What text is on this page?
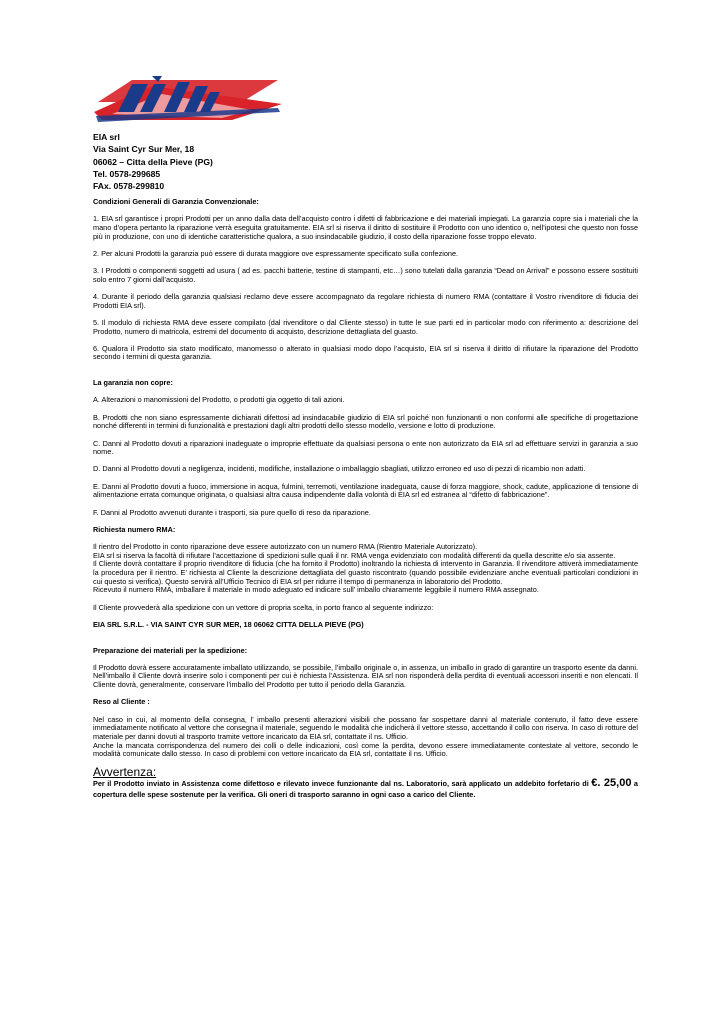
EIA srl
Via Saint Cyr Sur Mer, 18
06062 – Citta della Pieve (PG)
Tel. 0578-299685
FAx. 0578-299810

Condizioni Generali di Garanzia Convenzionale:

1. EIA srl garantisce i propri Prodotti per un anno dalla data dell’acquisto contro i difetti di fabbricazione e dei materiali impiegati. La garanzia copre sia i materiali che la mano d’opera pertanto la riparazione verrà eseguita gratuitamente. EIA srl si riserva il diritto di sostituire il Prodotto con uno identico o, nell’ipotesi che questo non fosse più in produzione, con uno di identiche caratteristiche qualora, a suo insindacabile giudizio, il costo della riparazione fosse troppo elevato.

2. Per alcuni Prodotti la garanzia può essere di durata maggiore ove espressamente specificato sulla confezione.

3. I Prodotti o componenti soggetti ad usura ( ad es. pacchi batterie, testine di stampanti, etc…) sono tutelati dalla garanzia “Dead on Arrival” e possono essere sostituiti solo entro 7 giorni dall’acquisto.

4. Durante il periodo della garanzia qualsiasi reclamo deve essere accompagnato da regolare richiesta di numero RMA (contattare il Vostro rivenditore di fiducia dei Prodotti EIA srl).

5. Il modulo di richiesta RMA deve essere compilato (dal rivenditore o dal Cliente stesso) in tutte le sue parti ed in particolar modo con riferimento a: descrizione del Prodotto, numero di matricola, estremi del documento di acquisto, descrizione dettagliata del guasto.

6. Qualora il Prodotto sia stato modificato, manomesso o alterato in qualsiasi modo dopo l’acquisto, EIA srl si riserva il diritto di rifiutare la riparazione del Prodotto secondo i termini di questa garanzia.

La garanzia non copre:

A. Alterazioni o manomissioni del Prodotto, o prodotti gia oggetto di tali azioni.

B. Prodotti che non siano espressamente dichiarati difettosi ad insindacabile giudizio di EIA srl poiché non funzionanti o non conformi alle specifiche di progettazione nonché differenti in termini di funzionalità e prestazioni dagli altri prodotti dello stesso modello, versione e lotto di produzione.

C. Danni al Prodotto dovuti a riparazioni inadeguate o improprie effettuate da qualsiasi persona o ente non autorizzato da EIA srl ad effettuare servizi in garanzia a suo nome.

D. Danni al Prodotto dovuti a negligenza, incidenti, modifiche, installazione o imballaggio sbagliati, utilizzo erroneo ed uso di pezzi di ricambio non adatti.

E. Danni al Prodotto dovuti a fuoco, immersione in acqua, fulmini, terremoti, ventilazione inadeguata, cause di forza maggiore, shock, cadute, applicazione di tensione di alimentazione errata comunque originata, o qualsiasi altra causa indipendente dalla volontà di EIA srl ed estranea al “difetto di fabbricazione”.

F. Danni al Prodotto avvenuti durante i trasporti, sia pure quello di reso da riparazione.

Richiesta numero RMA:

Il rientro del Prodotto in conto riparazione deve essere autorizzato con un numero RMA (Rientro Materiale Autorizzato).

EIA srl si riserva la facoltà di rifiutare l’accettazione di spedizioni sulle quali il nr. RMA venga evidenziato con modalità differenti da quella descritte e/o sia assente.

Il Cliente dovrà contattare il proprio rivenditore di fiducia (che ha fornito il Prodotto) inoltrando la richiesta di intervento in Garanzia. Il rivenditore attiverà immediatamente la procedura per il rientro. E’ richiesta al Cliente la descrizione dettagliata del guasto riscontrato (quando possibile evidenziare anche eventuali particolari condizioni in cui questo si verifica). Questo servirà all’Ufficio Tecnico di EIA srl per ridurre il tempo di permanenza in laboratorio del Prodotto.

Ricevuto il numero RMA, imballare il materiale in modo adeguato ed indicare sull’ imballo chiaramente leggibile il numero RMA assegnato.

Il Cliente provvederà alla spedizione con un vettore di propria scelta, in porto franco al seguente indirizzo:

EIA SRL S.R.L. - VIA SAINT CYR SUR MER, 18 06062 CITTA DELLA PIEVE (PG)

Preparazione dei materiali per la spedizione:

Il Prodotto dovrà essere accuratamente imballato utilizzando, se possibile, l’imballo originale o, in assenza, un imballo in grado di garantire un trasporto esente da danni. Nell’imballo il Cliente dovrà inserire solo i componenti per cui è richiesta l’Assistenza. EIA srl non risponderà della perdita di eventuali accessori inseriti e non elencati. Il Cliente dovrà, generalmente, conservare l'imballo del Prodotto per tutto il periodo della Garanzia.

Reso al Cliente :

Nel caso in cui, al momento della consegna, l’ imballo presenti alterazioni visibili che possano far sospettare danni al materiale contenuto, il fatto deve essere immediatamente notificato al vettore che consegna il materiale, seguendo le modalità che indicherà il vettore stesso, accettando il collo con riserva. In caso di rotture del materiale per danni dovuti al trasporto tramite vettore incaricato da EIA srl, contattate il ns. Ufficio.

Anche la mancata corrispondenza del numero dei colli o delle indicazioni, così come la perdita, devono essere immediatamente contestate al vettore, secondo le modalità comunicate dallo stesso. In caso di problemi con vettore incaricato da EIA srl, contattate il ns. Ufficio.

Avvertenza:

Per il Prodotto inviato in Assistenza come difettoso e rilevato invece funzionante dal ns. Laboratorio, sarà applicato un addebito forfetario di €. 25,00 a copertura delle spese sostenute per la verifica. Gli oneri di trasporto saranno in ogni caso a carico del Cliente.
